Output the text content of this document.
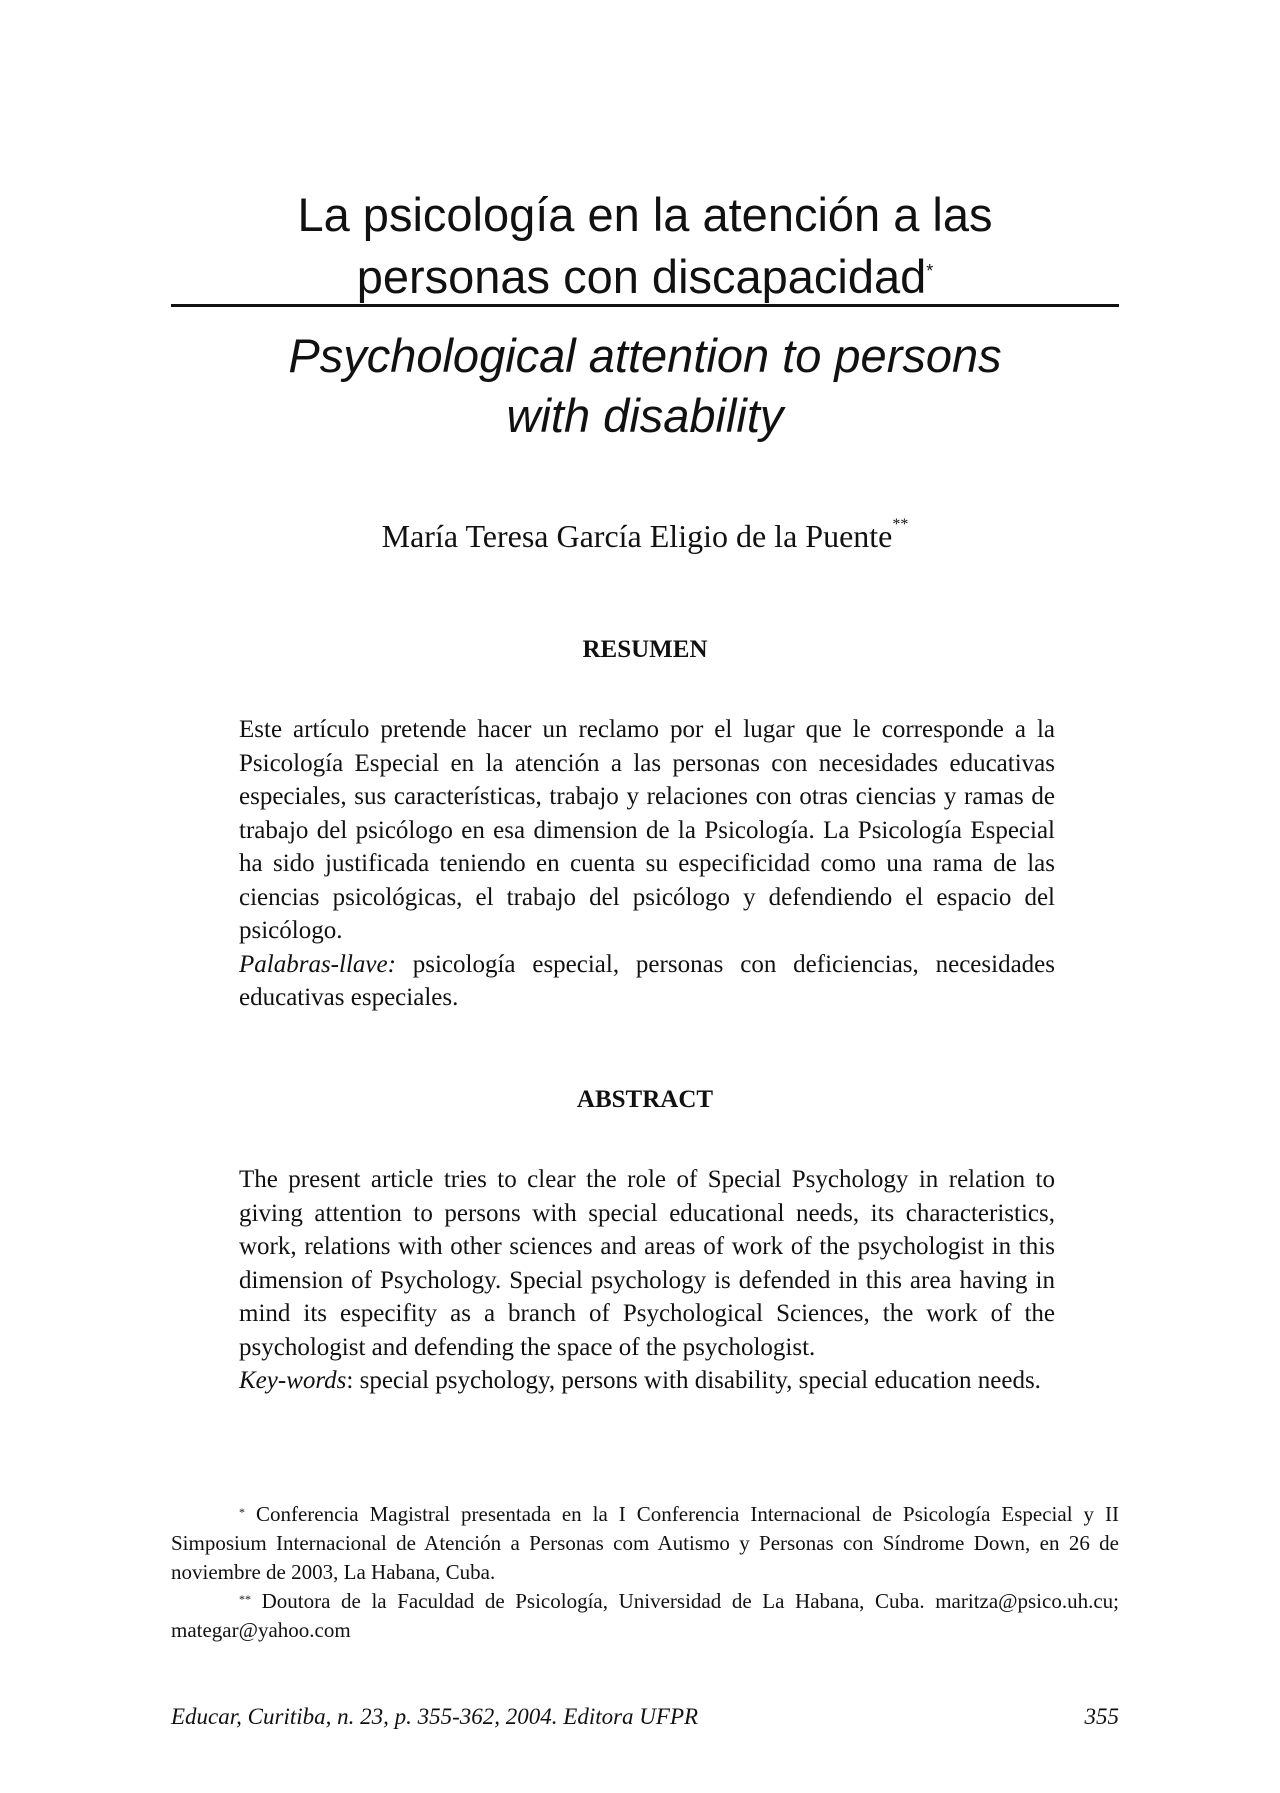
La psicología en la atención a las
personas con discapacidad*
Psychological attention to persons
with disability

María Teresa García Eligio de la Puente**

RESUMEN

Este artículo pretende hacer un reclamo por el lugar que le corresponde a la Psicología Especial en la atención a las personas con necesidades educativas especiales, sus características, trabajo y relaciones con otras ciencias y ramas de trabajo del psicólogo en esa dimension de la Psicología. La Psicología Especial ha sido justificada teniendo en cuenta su especificidad como una rama de las ciencias psicológicas, el trabajo del psicólogo y defendiendo el espacio del psicólogo.

Palabras-llave: psicología especial, personas con deficiencias, necesidades educativas especiales.

ABSTRACT

The present article tries to clear the role of Special Psychology in relation to giving attention to persons with special educational needs, its characteristics, work, relations with other sciences and areas of work of the psychologist in this dimension of Psychology. Special psychology is defended in this area having in mind its especifity as a branch of Psychological Sciences, the work of the psychologist and defending the space of the psychologist.

Key-words: special psychology, persons with disability, special education needs.

* Conferencia Magistral presentada en la I Conferencia Internacional de Psicología Especial y II Simposium Internacional de Atención a Personas com Autismo y Personas con Síndrome Down, en 26 de noviembre de 2003, La Habana, Cuba.

** Doutora de la Faculdad de Psicología, Universidad de La Habana, Cuba. maritza@psico.uh.cu; mategar@yahoo.com

Educar, Curitiba, n. 23, p. 355-362, 2004. Editora UFPR	355
